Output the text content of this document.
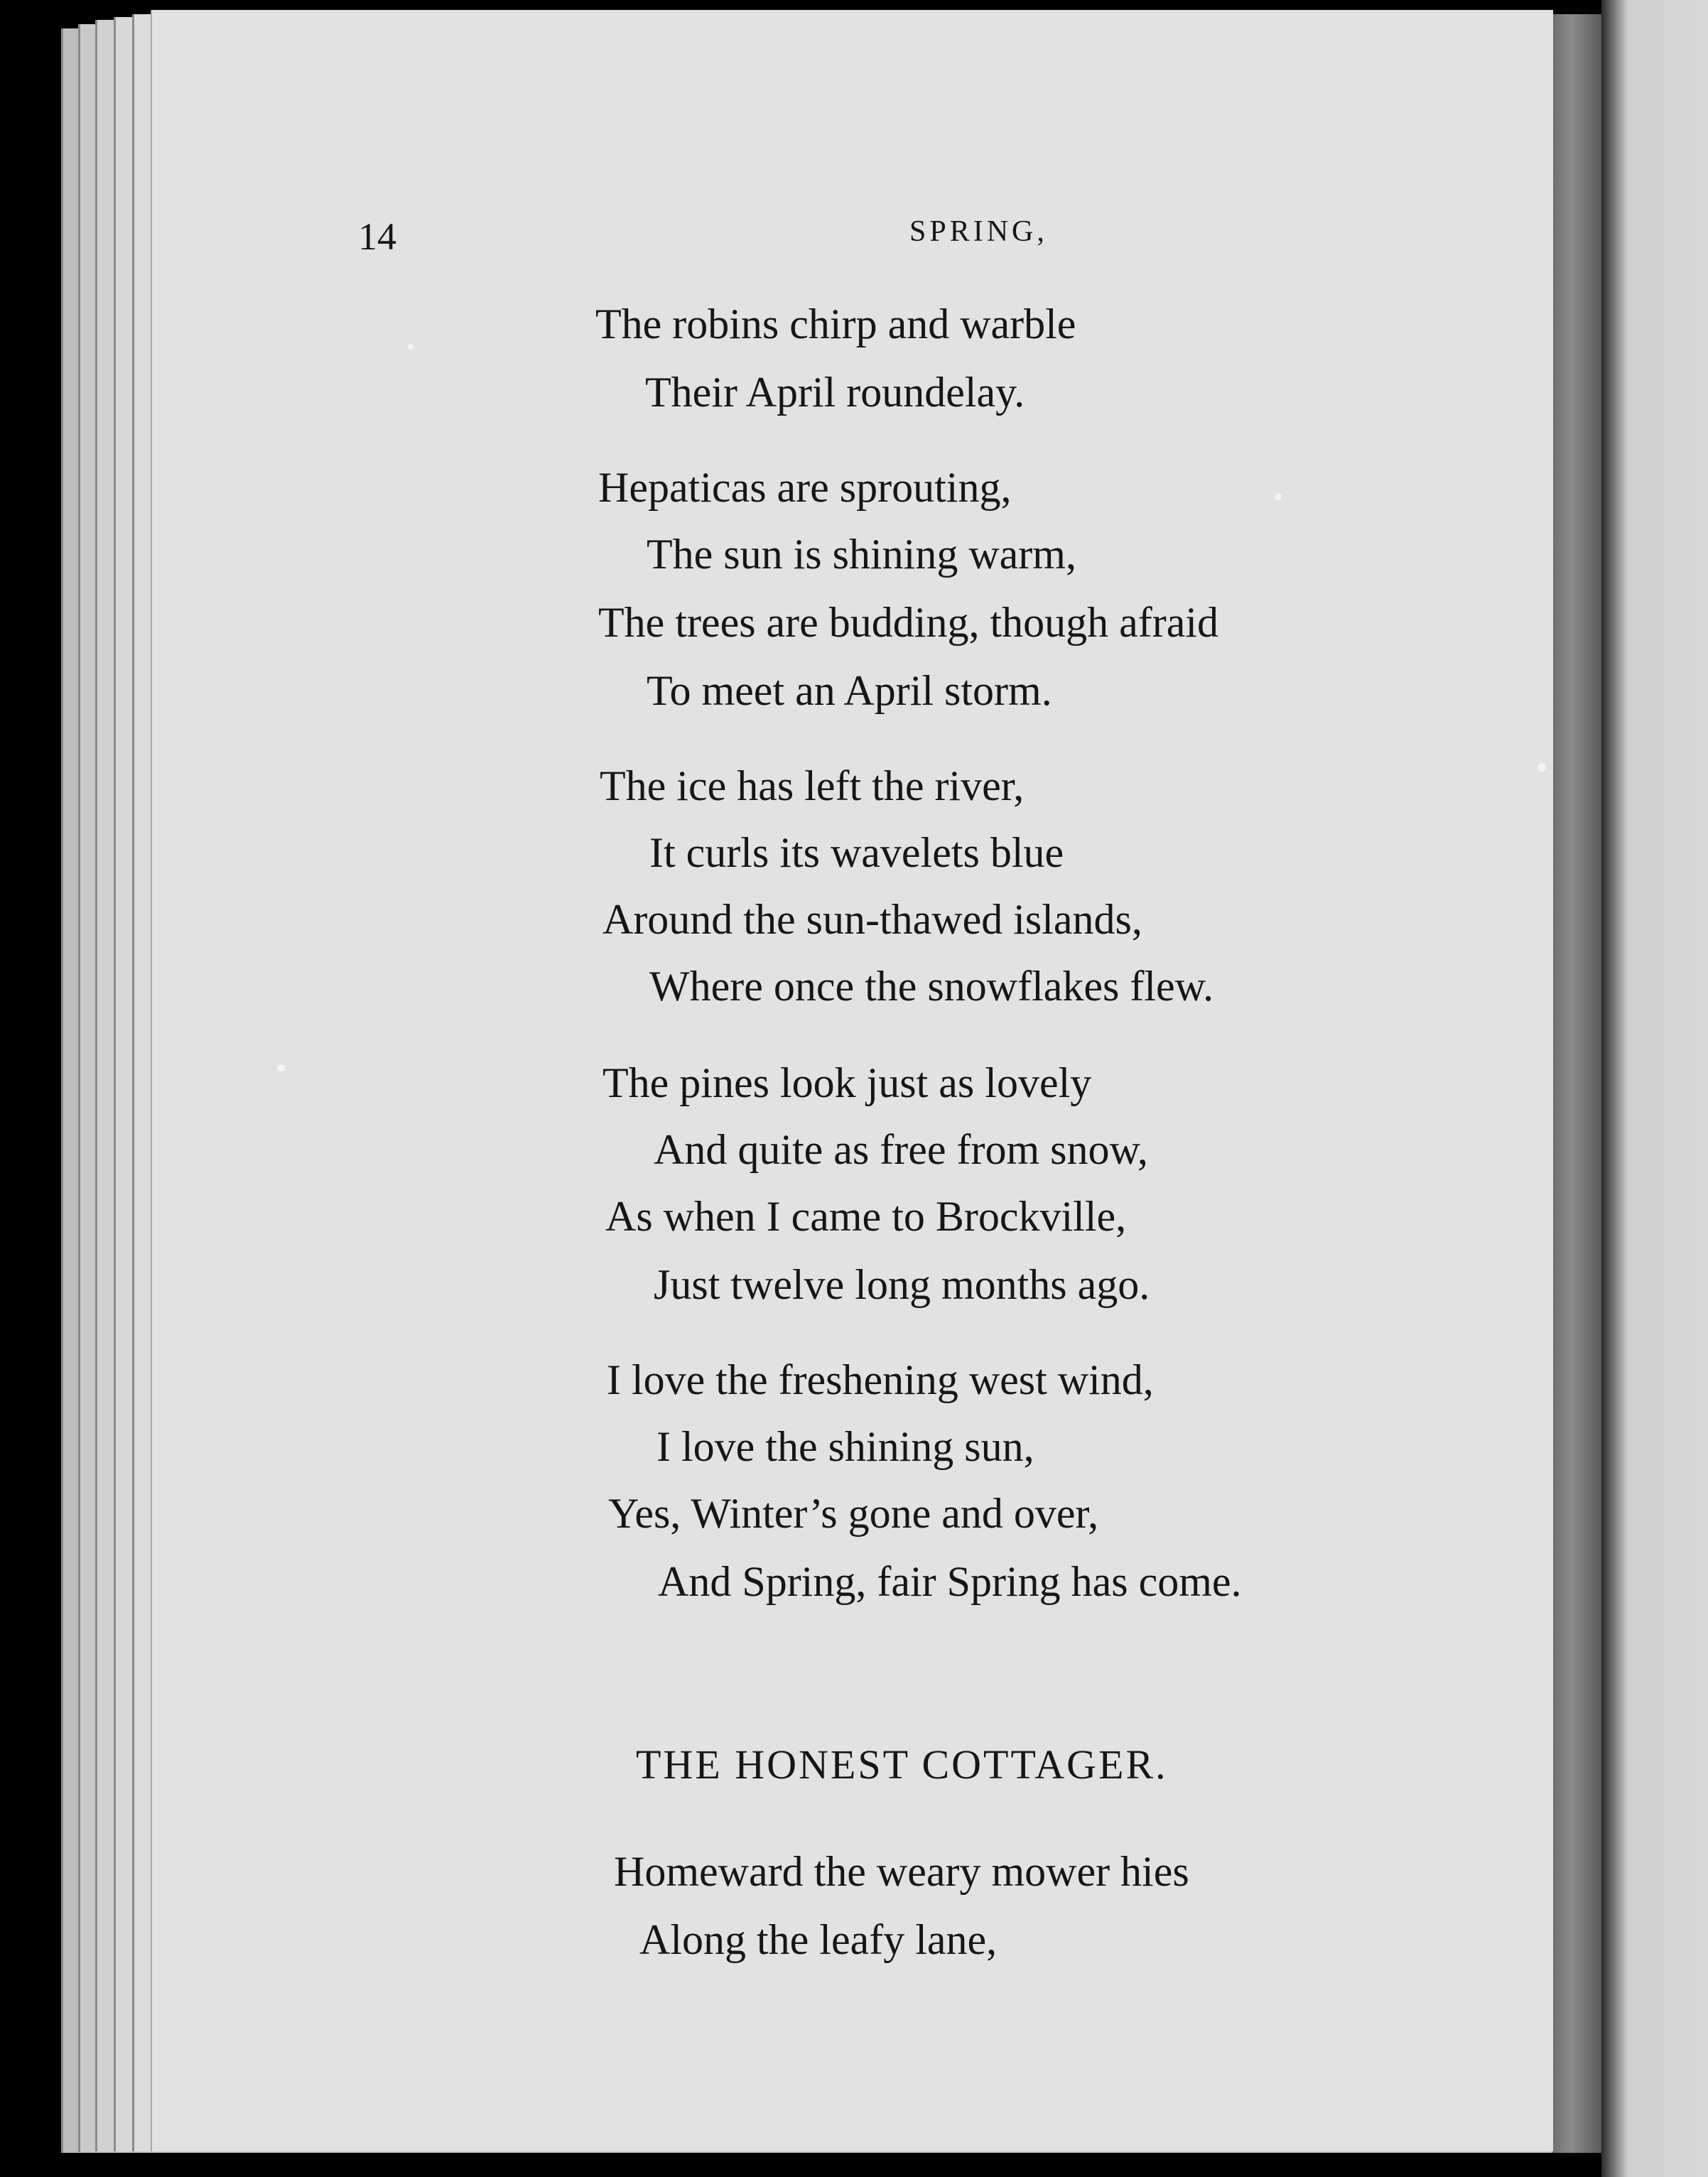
14	SPRING,
The robins chirp and warble
Their April roundelay.
Hepaticas are sprouting,
The sun is shining warm,
The trees are budding, though afraid
To meet an April storm.
The ice has left the river,
It curls its wavelets blue
Around the sun-thawed islands,
Where once the snowflakes flew.
The pines look just as lovely
And quite as free from snow,
As when I came to Brockville,
Just twelve long months ago.
I love the freshening west wind,
I love the shining sun,
Yes, Winter’s gone and over,
And Spring, fair Spring has come.
THE HONEST COTTAGER.
Homeward the weary mower hies
Along the leafy lane,
